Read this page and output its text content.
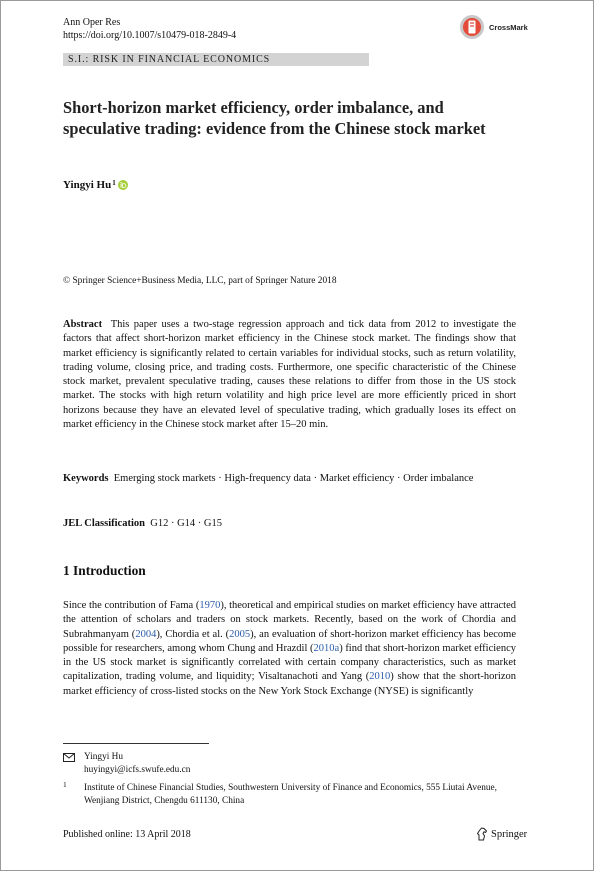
Ann Oper Res
https://doi.org/10.1007/s10479-018-2849-4
CrossMark
S.I.: RISK IN FINANCIAL ECONOMICS
Short-horizon market efficiency, order imbalance, and speculative trading: evidence from the Chinese stock market
Yingyi Hu 1
© Springer Science+Business Media, LLC, part of Springer Nature 2018

Abstract This paper uses a two-stage regression approach and tick data from 2012 to investigate the factors that affect short-horizon market efficiency in the Chinese stock market. The findings show that market efficiency is significantly related to certain variables for individual stocks, such as return volatility, trading volume, closing price, and trading costs. Furthermore, one specific characteristic of the Chinese stock market, prevalent speculative trading, causes these relations to differ from those in the US stock market. The stocks with high return volatility and high price level are more efficiently priced in short horizons because they have an elevated level of speculative trading, which gradually loses its effect on market efficiency in the Chinese stock market after 15–20 min.

Keywords Emerging stock markets · High-frequency data · Market efficiency · Order imbalance

JEL Classification G12 · G14 · G15

1 Introduction

Since the contribution of Fama (1970), theoretical and empirical studies on market efficiency have attracted the attention of scholars and traders on stock markets. Recently, based on the work of Chordia and Subrahmanyam (2004), Chordia et al. (2005), an evaluation of short-horizon market efficiency has become possible for researchers, among whom Chung and Hrazdil (2010a) find that short-horizon market efficiency in the US stock market is significantly correlated with certain company characteristics, such as market capitalization, trading volume, and liquidity; Visaltanachoti and Yang (2010) show that the short-horizon market efficiency of cross-listed stocks on the New York Stock Exchange (NYSE) is significantly

Yingyi Hu
huyingyi@icfs.swufe.edu.cn
1 Institute of Chinese Financial Studies, Southwestern University of Finance and Economics, 555 Liutai Avenue, Wenjiang District, Chengdu 611130, China

Published online: 13 April 2018	Springer
